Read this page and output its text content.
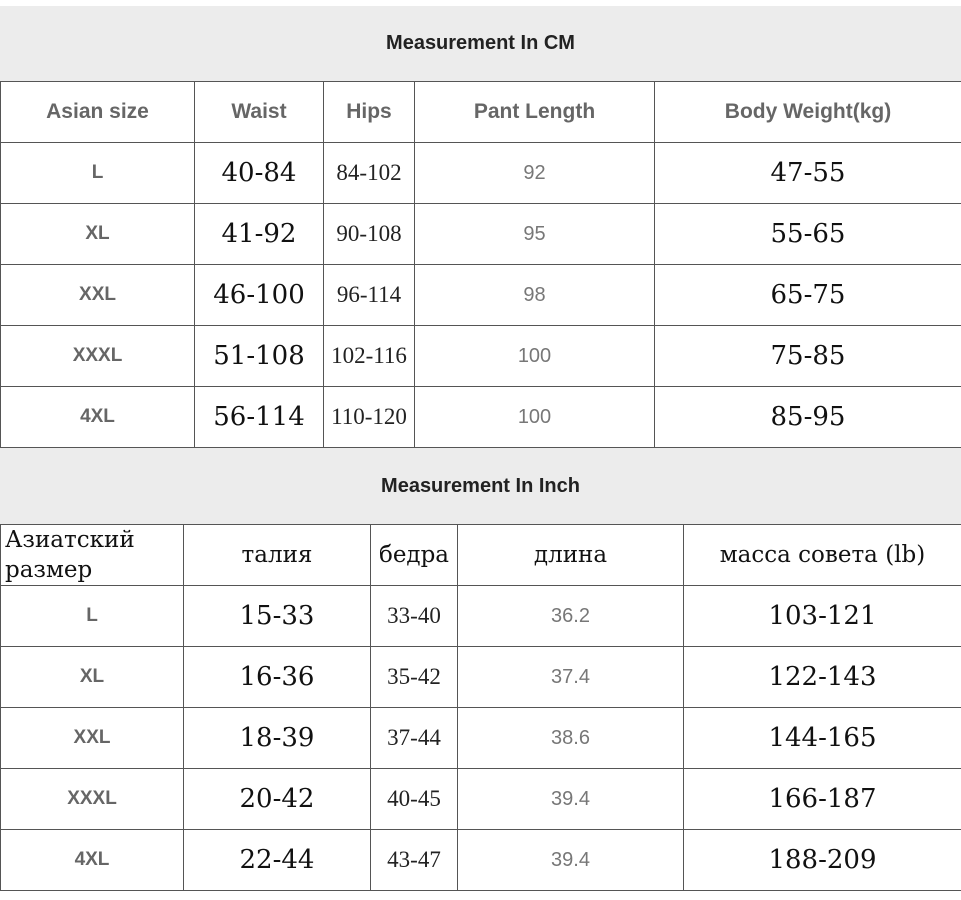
Measurement In CM
Asian size	Waist	Hips	Pant Length	Body Weight(kg)
L	40-84	84-102	92	47-55
XL	41-92	90-108	95	55-65
XXL	46-100	96-114	98	65-75
XXXL	51-108	102-116	100	75-85
4XL	56-114	110-120	100	85-95
Measurement In Inch
Азиатский размер	талия	бедра	длина	масса совета (lb)
L	15-33	33-40	36.2	103-121
XL	16-36	35-42	37.4	122-143
XXL	18-39	37-44	38.6	144-165
XXXL	20-42	40-45	39.4	166-187
4XL	22-44	43-47	39.4	188-209
